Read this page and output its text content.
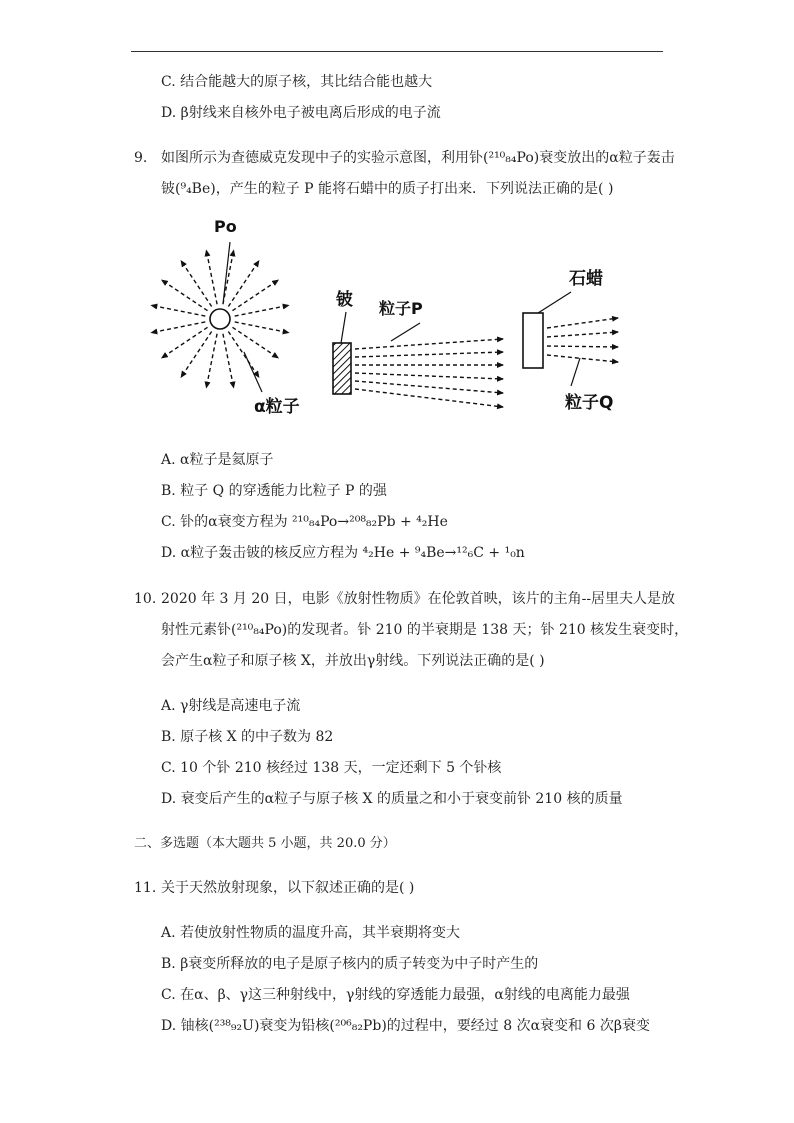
C. 结合能越大的原子核，其比结合能也越大
D. β射线来自核外电子被电离后形成的电子流
9. 如图所示为查德威克发现中子的实验示意图，利用钋(²¹⁰₈₄Po)衰变放出的α粒子轰击
铍(⁹₄Be)，产生的粒子 P 能将石蜡中的质子打出来．下列说法正确的是( )
Po
α粒子
铍 粒子P
石蜡
粒子Q
A. α粒子是氦原子
B. 粒子 Q 的穿透能力比粒子 P 的强
C. 钋的α衰变方程为 ²¹⁰₈₄Po→²⁰⁸₈₂Pb + ⁴₂He
D. α粒子轰击铍的核反应方程为 ⁴₂He + ⁹₄Be→¹²₆C + ¹₀n
10. 2020 年 3 月 20 日，电影《放射性物质》在伦敦首映，该片的主角--居里夫人是放
射性元素钋(²¹⁰₈₄Po)的发现者。钋 210 的半衰期是 138 天；钋 210 核发生衰变时，
会产生α粒子和原子核 X，并放出γ射线。下列说法正确的是( )
A. γ射线是高速电子流
B. 原子核 X 的中子数为 82
C. 10 个钋 210 核经过 138 天，一定还剩下 5 个钋核
D. 衰变后产生的α粒子与原子核 X 的质量之和小于衰变前钋 210 核的质量
二、多选题（本大题共 5 小题，共 20.0 分）
11. 关于天然放射现象，以下叙述正确的是( )
A. 若使放射性物质的温度升高，其半衰期将变大
B. β衰变所释放的电子是原子核内的质子转变为中子时产生的
C. 在α、β、γ这三种射线中，γ射线的穿透能力最强，α射线的电离能力最强
D. 铀核(²³⁸₉₂U)衰变为铅核(²⁰⁶₈₂Pb)的过程中，要经过 8 次α衰变和 6 次β衰变
